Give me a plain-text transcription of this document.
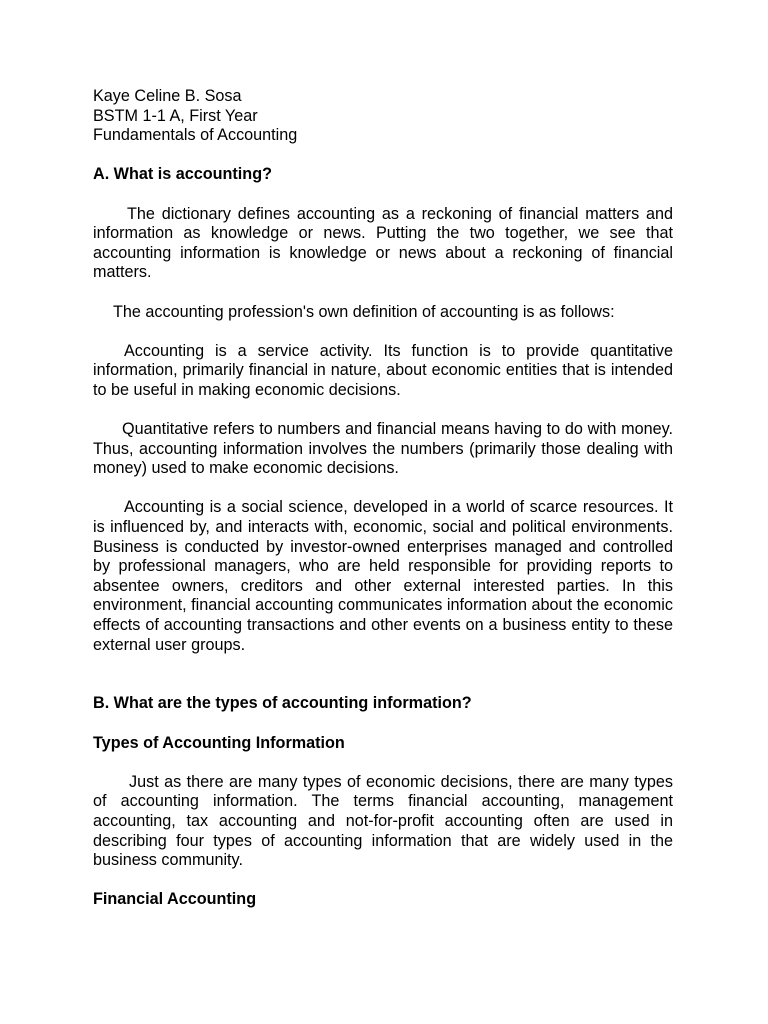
Kaye Celine B. Sosa

BSTM 1-1 A, First Year

Fundamentals of Accounting

A. What is accounting?

The dictionary defines accounting as a reckoning of financial matters and information as knowledge or news. Putting the two together, we see that accounting information is knowledge or news about a reckoning of financial matters.

The accounting profession's own definition of accounting is as follows:

Accounting is a service activity. Its function is to provide quantitative information, primarily financial in nature, about economic entities that is intended to be useful in making economic decisions.

Quantitative refers to numbers and financial means having to do with money. Thus, accounting information involves the numbers (primarily those dealing with money) used to make economic decisions.

Accounting is a social science, developed in a world of scarce resources. It is influenced by, and interacts with, economic, social and political environments. Business is conducted by investor-owned enterprises managed and controlled by professional managers, who are held responsible for providing reports to absentee owners, creditors and other external interested parties. In this environment, financial accounting communicates information about the economic effects of accounting transactions and other events on a business entity to these external user groups.

B. What are the types of accounting information?

Types of Accounting Information

Just as there are many types of economic decisions, there are many types of accounting information. The terms financial accounting, management accounting, tax accounting and not-for-profit accounting often are used in describing four types of accounting information that are widely used in the business community.

Financial Accounting
